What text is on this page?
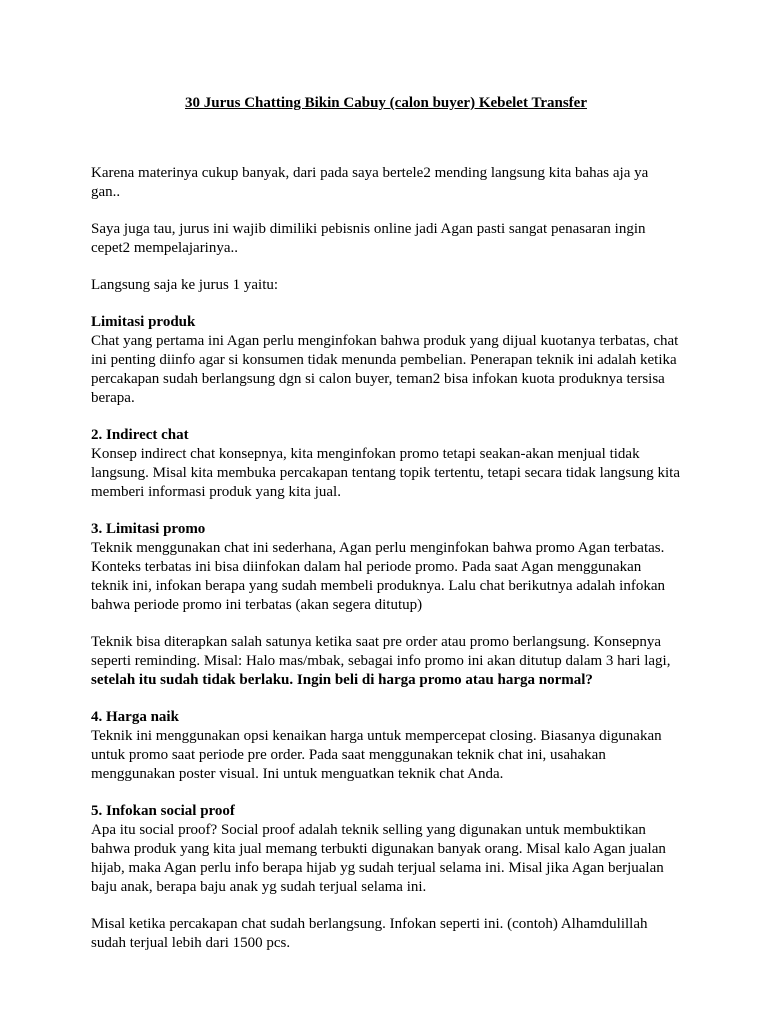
30 Jurus Chatting Bikin Cabuy (calon buyer) Kebelet Transfer

Karena materinya cukup banyak, dari pada saya bertele2 mending langsung kita bahas aja ya gan..

Saya juga tau, jurus ini wajib dimiliki pebisnis online jadi Agan pasti sangat penasaran ingin cepet2 mempelajarinya..

Langsung saja ke jurus 1 yaitu:

Limitasi produk
Chat yang pertama ini Agan perlu menginfokan bahwa produk yang dijual kuotanya terbatas, chat ini penting diinfo agar si konsumen tidak menunda pembelian. Penerapan teknik ini adalah ketika percakapan sudah berlangsung dgn si calon buyer, teman2 bisa infokan kuota produknya tersisa berapa.
2. Indirect chat
Konsep indirect chat konsepnya, kita menginfokan promo tetapi seakan-akan menjual tidak langsung. Misal kita membuka percakapan tentang topik tertentu, tetapi secara tidak langsung kita memberi informasi produk yang kita jual.
3. Limitasi promo
Teknik menggunakan chat ini sederhana, Agan perlu menginfokan bahwa promo Agan terbatas. Konteks terbatas ini bisa diinfokan dalam hal periode promo. Pada saat Agan menggunakan teknik ini, infokan berapa yang sudah membeli produknya. Lalu chat berikutnya adalah infokan bahwa periode promo ini terbatas (akan segera ditutup)

Teknik bisa diterapkan salah satunya ketika saat pre order atau promo berlangsung. Konsepnya seperti reminding. Misal: Halo mas/mbak, sebagai info promo ini akan ditutup dalam 3 hari lagi, setelah itu sudah tidak berlaku. Ingin beli di harga promo atau harga normal?

4. Harga naik
Teknik ini menggunakan opsi kenaikan harga untuk mempercepat closing. Biasanya digunakan untuk promo saat periode pre order. Pada saat menggunakan teknik chat ini, usahakan menggunakan poster visual. Ini untuk menguatkan teknik chat Anda.
5. Infokan social proof
Apa itu social proof? Social proof adalah teknik selling yang digunakan untuk membuktikan bahwa produk yang kita jual memang terbukti digunakan banyak orang. Misal kalo Agan jualan hijab, maka Agan perlu info berapa hijab yg sudah terjual selama ini. Misal jika Agan berjualan baju anak, berapa baju anak yg sudah terjual selama ini.

Misal ketika percakapan chat sudah berlangsung. Infokan seperti ini. (contoh) Alhamdulillah sudah terjual lebih dari 1500 pcs.
